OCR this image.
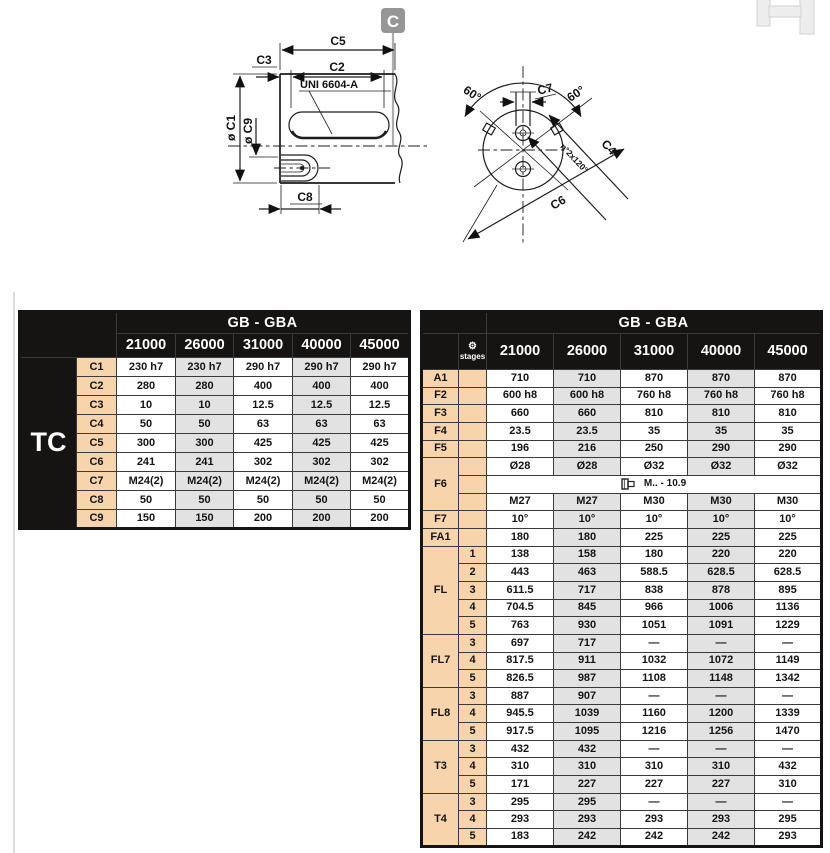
C
C5
C2
C3
UNI 6604-A
ø C1 ø C9
C8
60°	60°
C7
n°2x120° C4
C6
		GB - GBA				
		21000	26000	31000	40000	45000
TC	C1	230 h7	230 h7	290 h7	290 h7	290 h7
	C2	280	280	400	400	400
	C3	10	10	12.5	12.5	12.5
	C4	50	50	63	63	63
	C5	300	300	425	425	425
	C6	241	241	302	302	302
	C7	M24(2)	M24(2)	M24(2)	M24(2)	M24(2)
	C8	50	50	50	50	50
	C9	150	150	200	200	200
		GB - GBA				

	⚙
stages	21000	26000	31000	40000	45000
A1		710	710	870	870	870
F2		600 h8	600 h8	760 h8	760 h8	760 h8
F3		660	660	810	810	810
F4		23.5	23.5	35	35	35
F5		196	216	250	290	290
F6		Ø28	Ø28	Ø32	Ø32	Ø32

		M.. - 10.9				

		M27	M27	M30	M30	M30
F7		10°	10°	10°	10°	10°
FA1		180	180	225	225	225
FL	1	138	158	180	220	220
	2	443	463	588.5	628.5	628.5
	3	611.5	717	838	878	895
	4	704.5	845	966	1006	1136
	5	763	930	1051	1091	1229
FL7	3	697	717	—	—	—
	4	817.5	911	1032	1072	1149
	5	826.5	987	1108	1148	1342
FL8	3	887	907	—	—	—
	4	945.5	1039	1160	1200	1339
	5	917.5	1095	1216	1256	1470
T3	3	432	432	—	—	—
	4	310	310	310	310	432
	5	171	227	227	227	310
T4	3	295	295	—	—	—
	4	293	293	293	293	295
	5	183	242	242	242	293
